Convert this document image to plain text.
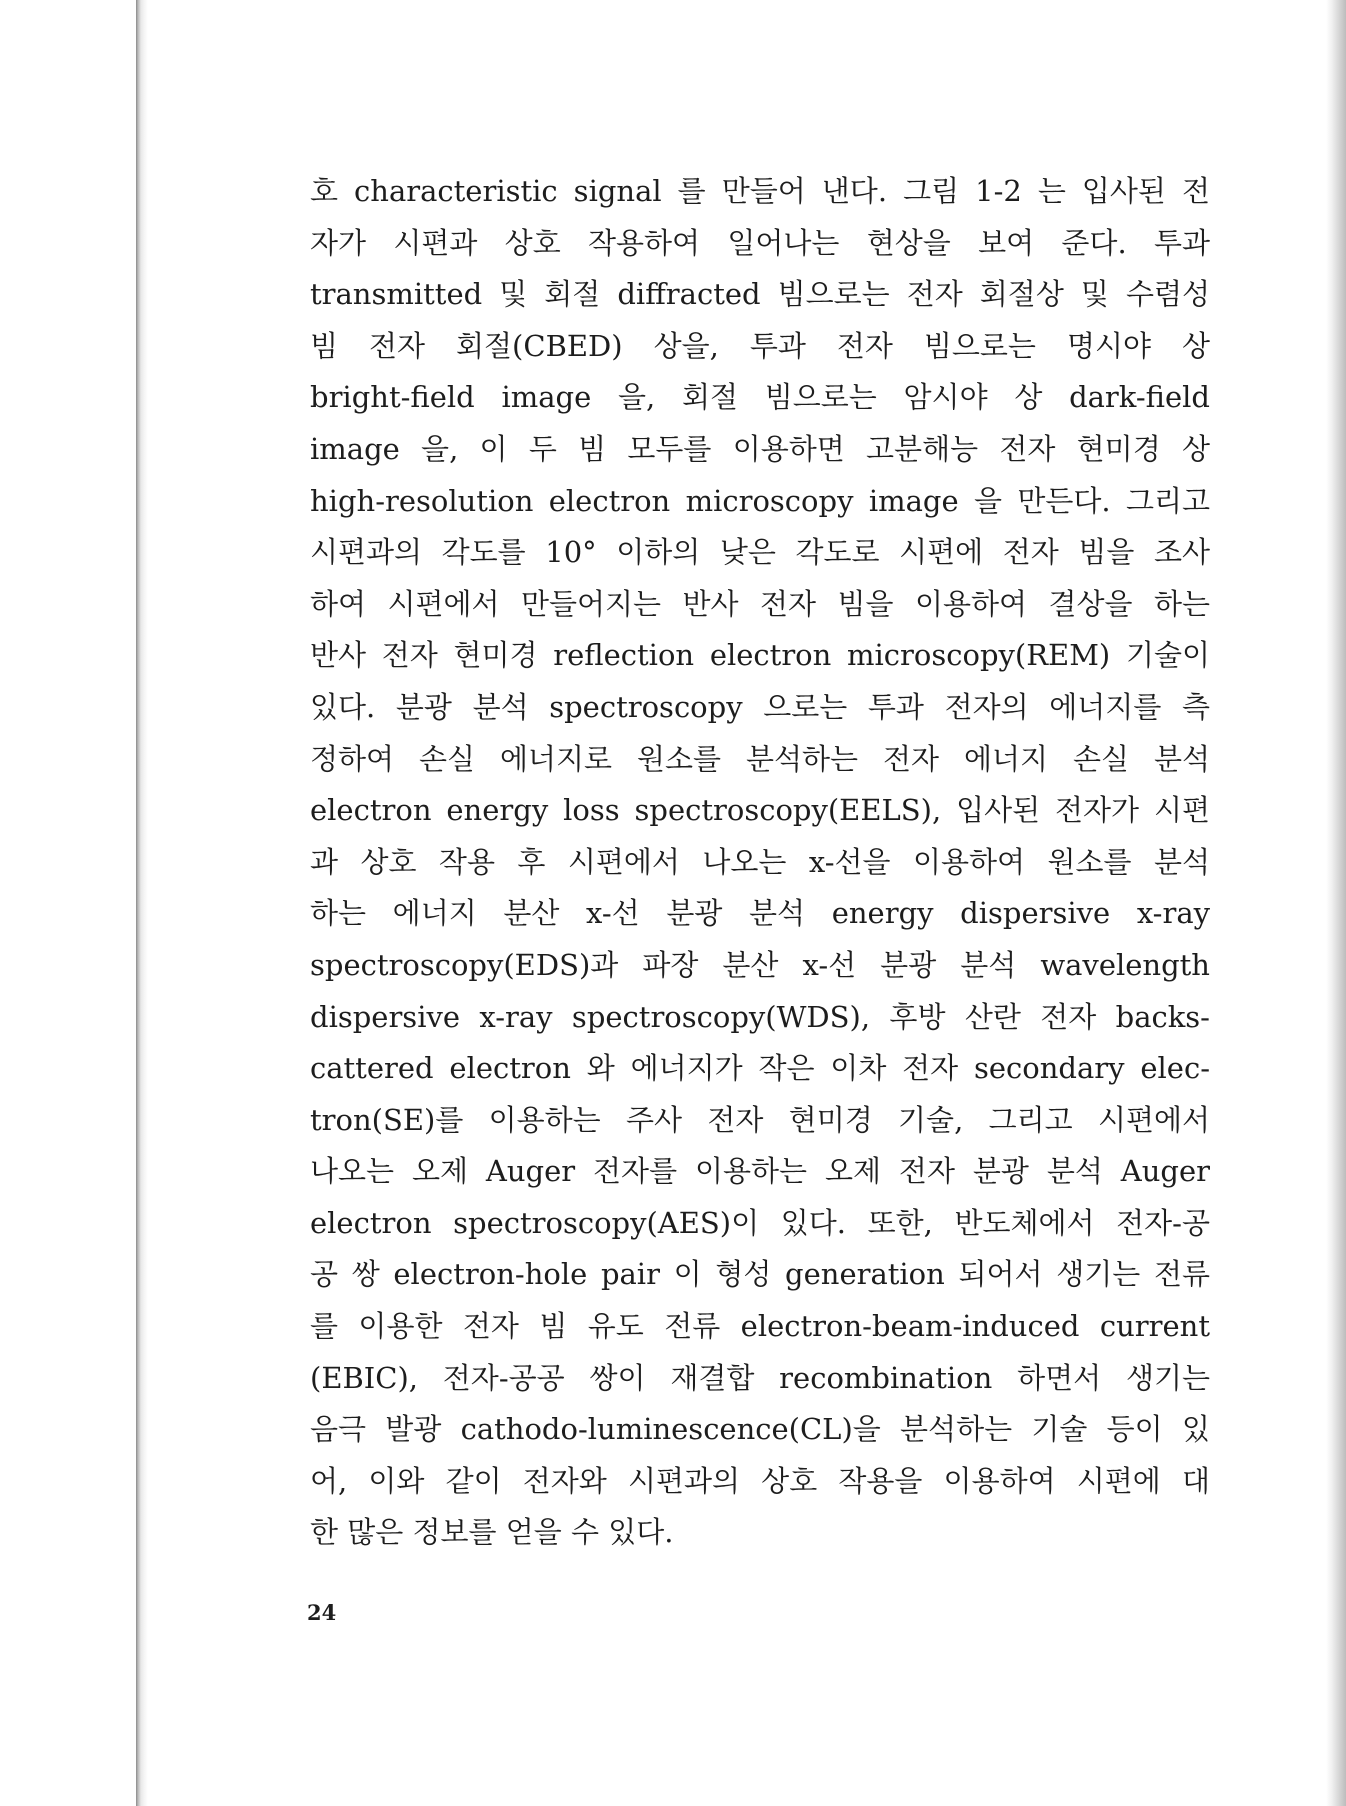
호 characteristic signal 를 만들어 낸다. 그림 1-2 는 입사된 전
자가 시편과 상호 작용하여 일어나는 현상을 보여 준다. 투과
transmitted 및 회절 diffracted 빔으로는 전자 회절상 및 수렴성
빔 전자 회절(CBED) 상을, 투과 전자 빔으로는 명시야 상
bright-field image 을, 회절 빔으로는 암시야 상 dark-field
image 을, 이 두 빔 모두를 이용하면 고분해능 전자 현미경 상
high-resolution electron microscopy image 을 만든다. 그리고
시편과의 각도를 10° 이하의 낮은 각도로 시편에 전자 빔을 조사
하여 시편에서 만들어지는 반사 전자 빔을 이용하여 결상을 하는
반사 전자 현미경 reflection electron microscopy(REM) 기술이
있다. 분광 분석 spectroscopy 으로는 투과 전자의 에너지를 측
정하여 손실 에너지로 원소를 분석하는 전자 에너지 손실 분석
electron energy loss spectroscopy(EELS), 입사된 전자가 시편
과 상호 작용 후 시편에서 나오는 x-선을 이용하여 원소를 분석
하는 에너지 분산 x-선 분광 분석 energy dispersive x-ray
spectroscopy(EDS)과 파장 분산 x-선 분광 분석 wavelength
dispersive x-ray spectroscopy(WDS), 후방 산란 전자 backs-
cattered electron 와 에너지가 작은 이차 전자 secondary elec-
tron(SE)를 이용하는 주사 전자 현미경 기술, 그리고 시편에서
나오는 오제 Auger 전자를 이용하는 오제 전자 분광 분석 Auger
electron spectroscopy(AES)이 있다. 또한, 반도체에서 전자-공
공 쌍 electron-hole pair 이 형성 generation 되어서 생기는 전류
를 이용한 전자 빔 유도 전류 electron-beam-induced current
(EBIC), 전자-공공 쌍이 재결합 recombination 하면서 생기는
음극 발광 cathodo-luminescence(CL)을 분석하는 기술 등이 있
어, 이와 같이 전자와 시편과의 상호 작용을 이용하여 시편에 대
한 많은 정보를 얻을 수 있다.
24
